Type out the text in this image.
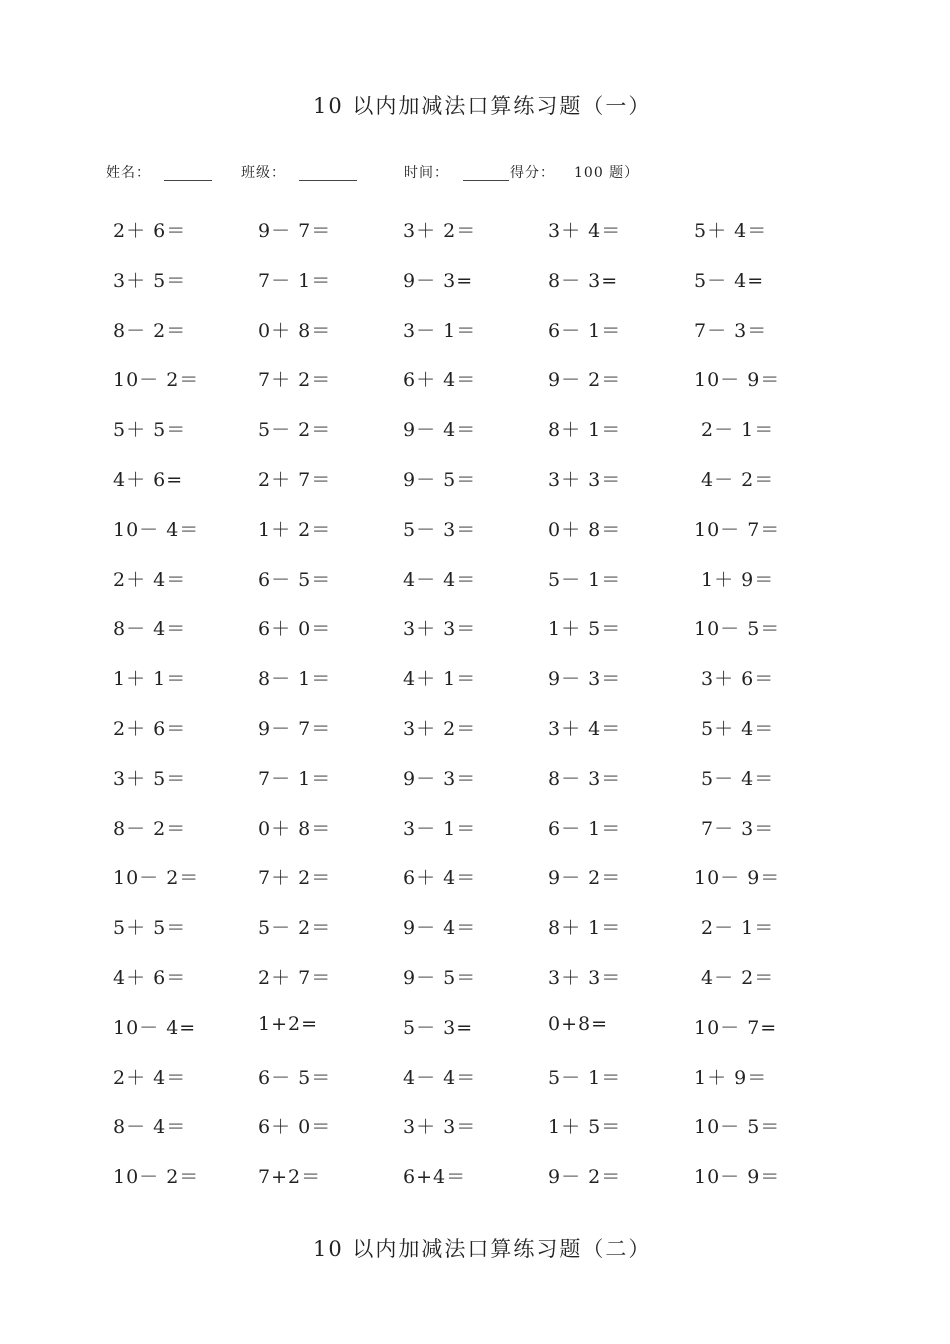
10 以内加减法口算练习题（一）

姓名：

	班级：

	时间：

	得分：

100 题）

2＋ 6＝	9－ 7＝	3＋ 2＝	3＋ 4＝	5＋ 4＝
3＋ 5＝	7－ 1＝	9－ 3=	8－ 3=	5－ 4=
8－ 2＝	0＋ 8＝	3－ 1＝	6－ 1＝	7－ 3＝
10－ 2＝	7＋ 2＝	6＋ 4＝	9－ 2＝	10－ 9＝
5＋ 5＝	5－ 2＝	9－ 4＝	8＋ 1＝	2－ 1＝
4＋ 6=	2＋ 7＝	9－ 5＝	3＋ 3＝	4－ 2＝
10－ 4＝	1＋ 2＝	5－ 3＝	0＋ 8＝	10－ 7＝
2＋ 4＝	6－ 5＝	4－ 4＝	5－ 1＝	1＋ 9＝
8－ 4＝	6＋ 0＝	3＋ 3＝	1＋ 5＝	10－ 5＝
1＋ 1＝	8－ 1＝	4＋ 1＝	9－ 3＝	3＋ 6＝
2＋ 6＝	9－ 7＝	3＋ 2＝	3＋ 4＝	5＋ 4＝
3＋ 5＝	7－ 1＝	9－ 3＝	8－ 3＝	5－ 4＝
8－ 2＝	0＋ 8＝	3－ 1＝	6－ 1＝	7－ 3＝
10－ 2＝	7＋ 2＝	6＋ 4＝	9－ 2＝	10－ 9＝
5＋ 5＝	5－ 2＝	9－ 4＝	8＋ 1＝	2－ 1＝
4＋ 6＝	2＋ 7＝	9－ 5＝	3＋ 3＝	4－ 2＝
10－ 4=	1+2=	5－ 3=	0+8=	10－ 7=
2＋ 4＝	6－ 5＝	4－ 4＝	5－ 1＝	1＋ 9＝
8－ 4＝	6＋ 0＝	3＋ 3＝	1＋ 5＝	10－ 5＝
10－ 2＝	7+2＝	6+4＝	9－ 2＝	10－ 9＝
10 以内加减法口算练习题（二）
